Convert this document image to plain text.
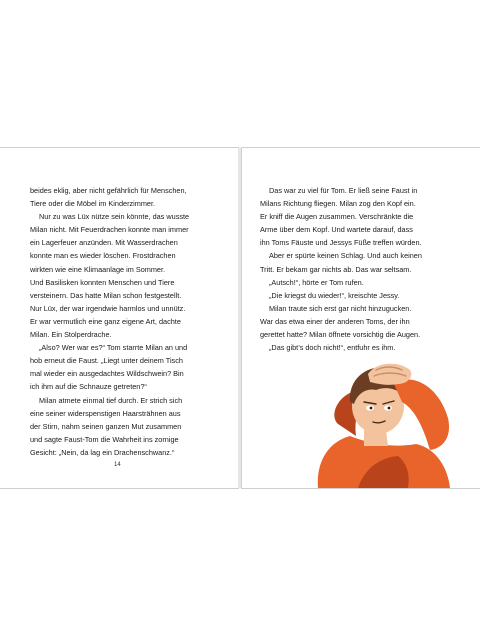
beides eklig, aber nicht gefährlich für Menschen,
Tiere oder die Möbel im Kinderzimmer.
Nur zu was Lüx nütze sein könnte, das wusste
Milan nicht. Mit Feuerdrachen konnte man immer
ein Lagerfeuer anzünden. Mit Wasserdrachen
konnte man es wieder löschen. Frostdrachen
wirkten wie eine Klimaanlage im Sommer.
Und Basilisken konnten Menschen und Tiere
versteinern. Das hatte Milan schon festgestellt.
Nur Lüx, der war irgendwie harmlos und unnütz.
Er war vermutlich eine ganz eigene Art, dachte
Milan. Ein Stolperdrache.
„Also? Wer war es?“ Tom starrte Milan an und
hob erneut die Faust. „Liegt unter deinem Tisch
mal wieder ein ausgedachtes Wildschwein? Bin
ich ihm auf die Schnauze getreten?“
Milan atmete einmal tief durch. Er strich sich
eine seiner widerspenstigen Haarsträhnen aus
der Stirn, nahm seinen ganzen Mut zusammen
und sagte Faust-Tom die Wahrheit ins zornige
Gesicht: „Nein, da lag ein Drachenschwanz.“
14
Das war zu viel für Tom. Er ließ seine Faust in
Milans Richtung fliegen. Milan zog den Kopf ein.
Er kniff die Augen zusammen. Verschränkte die
Arme über dem Kopf. Und wartete darauf, dass
ihn Toms Fäuste und Jessys Füße treffen würden.
Aber er spürte keinen Schlag. Und auch keinen
Tritt. Er bekam gar nichts ab. Das war seltsam.
„Autsch!“, hörte er Tom rufen.
„Die kriegst du wieder!“, kreischte Jessy.
Milan traute sich erst gar nicht hinzugucken.
War das etwa einer der anderen Toms, der ihn
gerettet hatte? Milan öffnete vorsichtig die Augen.
„Das gibt’s doch nicht!“, entfuhr es ihm.
